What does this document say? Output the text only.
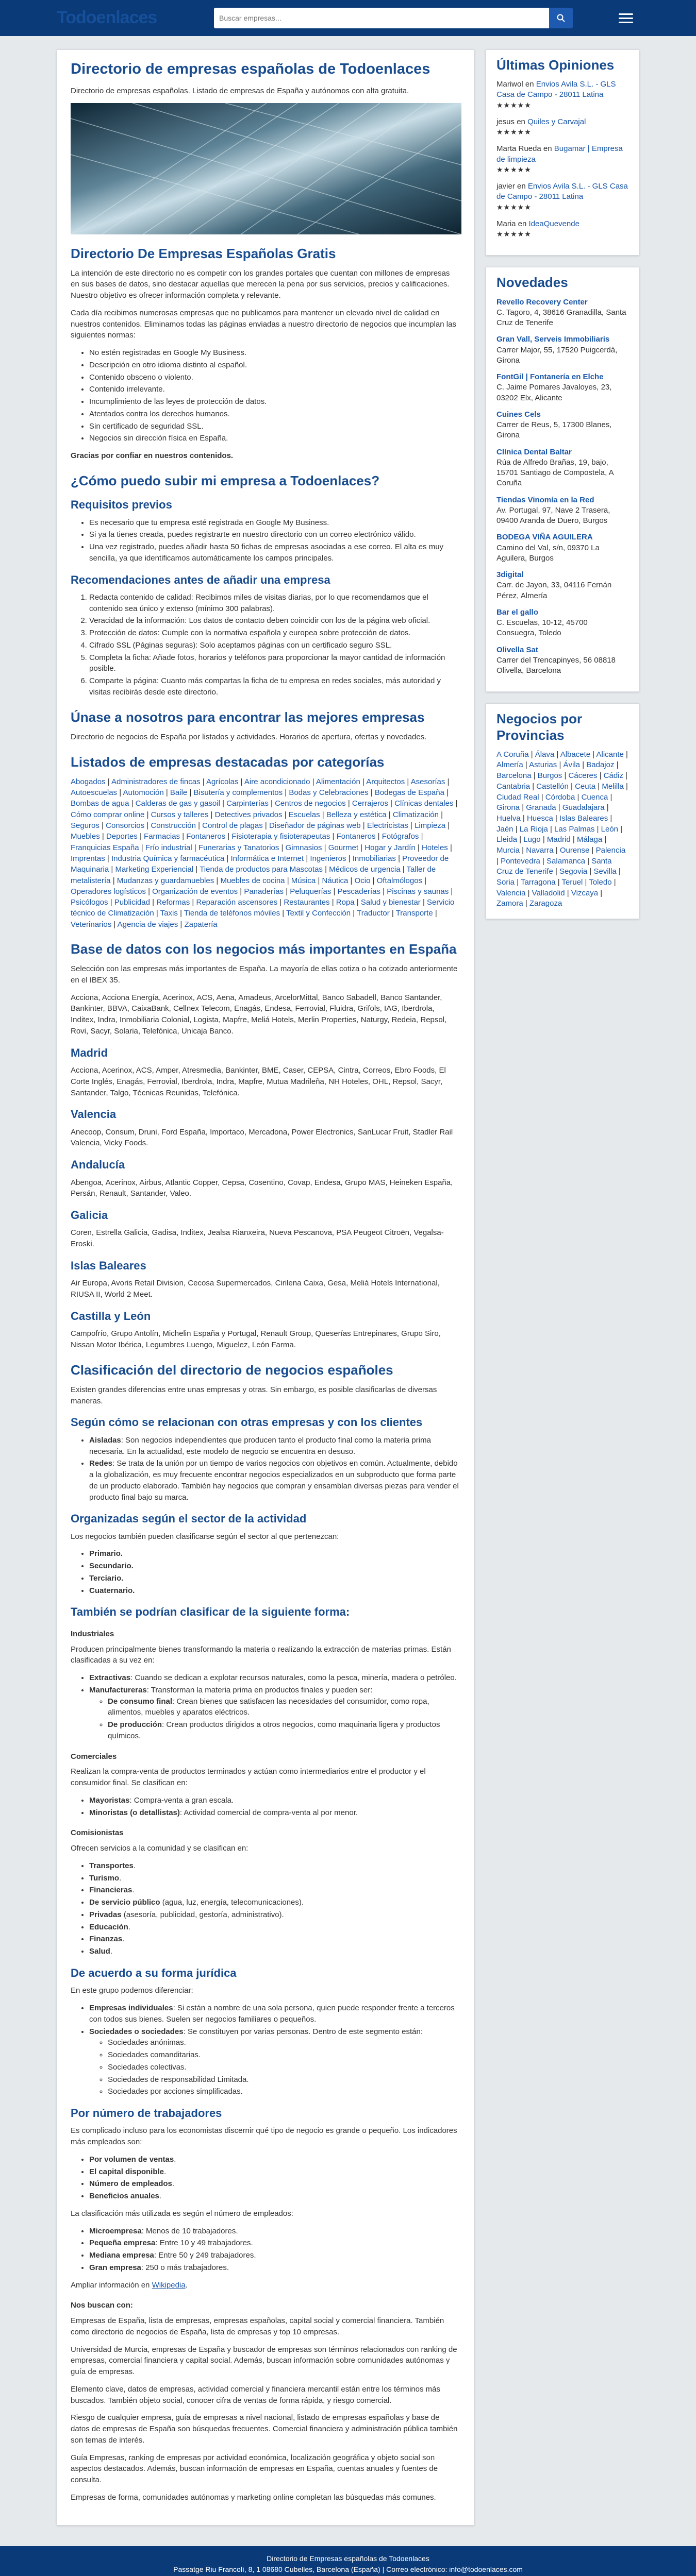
Todoenlaces
Buscar empresas...
Directorio de empresas españolas de Todoenlaces

Directorio de empresas españolas. Listado de empresas de España y autónomos con alta gratuita.

Directorio De Empresas Españolas Gratis

La intención de este directorio no es competir con los grandes portales que cuentan con millones de empresas en sus bases de datos, sino destacar aquellas que merecen la pena por sus servicios, precios y calificaciones. Nuestro objetivo es ofrecer información completa y relevante.

Cada día recibimos numerosas empresas que no publicamos para mantener un elevado nivel de calidad en nuestros contenidos. Eliminamos todas las páginas enviadas a nuestro directorio de negocios que incumplan las siguientes normas:

• No estén registradas en Google My Business.
• Descripción en otro idioma distinto al español.
• Contenido obsceno o violento.
• Contenido irrelevante.
• Incumplimiento de las leyes de protección de datos.
• Atentados contra los derechos humanos.
• Sin certificado de seguridad SSL.
• Negocios sin dirección física en España.

Gracias por confiar en nuestros contenidos.

¿Cómo puedo subir mi empresa a Todoenlaces?
Requisitos previos
• Es necesario que tu empresa esté registrada en Google My Business.
• Si ya la tienes creada, puedes registrarte en nuestro directorio con un correo electrónico válido.
• Una vez registrado, puedes añadir hasta 50 fichas de empresas asociadas a ese correo. El alta es muy sencilla, ya que identificamos automáticamente los campos principales.
Recomendaciones antes de añadir una empresa
1. Redacta contenido de calidad: Recibimos miles de visitas diarias, por lo que recomendamos que el contenido sea único y extenso (mínimo 300 palabras).
2. Veracidad de la información: Los datos de contacto deben coincidir con los de la página web oficial.
3. Protección de datos: Cumple con la normativa española y europea sobre protección de datos.
4. Cifrado SSL (Páginas seguras): Solo aceptamos páginas con un certificado seguro SSL.
5. Completa la ficha: Añade fotos, horarios y teléfonos para proporcionar la mayor cantidad de información posible.
6. Comparte la página: Cuanto más compartas la ficha de tu empresa en redes sociales, más autoridad y visitas recibirás desde este directorio.
Únase a nosotros para encontrar las mejores empresas

Directorio de negocios de España por listados y actividades. Horarios de apertura, ofertas y novedades.

Listados de empresas destacadas por categorías
Abogados | Administradores de fincas | Agrícolas | Aire acondicionado | Alimentación | Arquitectos | Asesorías | Autoescuelas | Automoción | Baile | Bisutería y complementos | Bodas y Celebraciones | Bodegas de España | Bombas de agua | Calderas de gas y gasoil | Carpinterías | Centros de negocios | Cerrajeros | Clínicas dentales | Cómo comprar online | Cursos y talleres | Detectives privados | Escuelas | Belleza y estética | Climatización | Seguros | Consorcios | Construcción | Control de plagas | Diseñador de páginas web | Electricistas | Limpieza | Muebles | Deportes | Farmacias | Fontaneros | Fisioterapia y fisioterapeutas | Fontaneros | Fotógrafos | Franquicias España | Frío industrial | Funerarias y Tanatorios | Gimnasios | Gourmet | Hogar y Jardín | Hoteles | Imprentas | Industria Química y farmacéutica | Informática e Internet | Ingenieros | Inmobiliarias | Proveedor de Maquinaria | Marketing Experiencial | Tienda de productos para Mascotas | Médicos de urgencia | Taller de metalistería | Mudanzas y guardamuebles | Muebles de cocina | Música | Náutica | Ocio | Oftalmólogos | Operadores logísticos | Organización de eventos | Panaderías | Peluquerías | Pescaderías | Piscinas y saunas | Psicólogos | Publicidad | Reformas | Reparación ascensores | Restaurantes | Ropa | Salud y bienestar | Servicio técnico de Climatización | Taxis | Tienda de teléfonos móviles | Textil y Confección | Traductor | Transporte | Veterinarios | Agencia de viajes | Zapatería
Base de datos con los negocios más importantes en España

Selección con las empresas más importantes de España. La mayoría de ellas cotiza o ha cotizado anteriormente en el IBEX 35.

Acciona, Acciona Energía, Acerinox, ACS, Aena, Amadeus, ArcelorMittal, Banco Sabadell, Banco Santander, Bankinter, BBVA, CaixaBank, Cellnex Telecom, Enagás, Endesa, Ferrovial, Fluidra, Grifols, IAG, Iberdrola, Inditex, Indra, Inmobiliaria Colonial, Logista, Mapfre, Meliá Hotels, Merlin Properties, Naturgy, Redeia, Repsol, Rovi, Sacyr, Solaria, Telefónica, Unicaja Banco.

Madrid

Acciona, Acerinox, ACS, Amper, Atresmedia, Bankinter, BME, Caser, CEPSA, Cintra, Correos, Ebro Foods, El Corte Inglés, Enagás, Ferrovial, Iberdrola, Indra, Mapfre, Mutua Madrileña, NH Hoteles, OHL, Repsol, Sacyr, Santander, Talgo, Técnicas Reunidas, Telefónica.

Valencia

Anecoop, Consum, Druni, Ford España, Importaco, Mercadona, Power Electronics, SanLucar Fruit, Stadler Rail Valencia, Vicky Foods.

Andalucía

Abengoa, Acerinox, Airbus, Atlantic Copper, Cepsa, Cosentino, Covap, Endesa, Grupo MAS, Heineken España, Persán, Renault, Santander, Valeo.

Galicia

Coren, Estrella Galicia, Gadisa, Inditex, Jealsa Rianxeira, Nueva Pescanova, PSA Peugeot Citroën, Vegalsa-Eroski.

Islas Baleares

Air Europa, Avoris Retail Division, Cecosa Supermercados, Cirilena Caixa, Gesa, Meliá Hotels International, RIUSA II, World 2 Meet.

Castilla y León

Campofrío, Grupo Antolín, Michelin España y Portugal, Renault Group, Queserías Entrepinares, Grupo Siro, Nissan Motor Ibérica, Legumbres Luengo, Miguelez, León Farma.

Clasificación del directorio de negocios españoles

Existen grandes diferencias entre unas empresas y otras. Sin embargo, es posible clasificarlas de diversas maneras.

Según cómo se relacionan con otras empresas y con los clientes
• Aisladas: Son negocios independientes que producen tanto el producto final como la materia prima necesaria. En la actualidad, este modelo de negocio se encuentra en desuso.
• Redes: Se trata de la unión por un tiempo de varios negocios con objetivos en común. Actualmente, debido a la globalización, es muy frecuente encontrar negocios especializados en un subproducto que forma parte de un producto elaborado. También hay negocios que compran y ensamblan diversas piezas para vender el producto final bajo su marca.
Organizadas según el sector de la actividad

Los negocios también pueden clasificarse según el sector al que pertenezcan:

• Primario.
• Secundario.
• Terciario.
• Cuaternario.
También se podrían clasificar de la siguiente forma:
Industriales

Producen principalmente bienes transformando la materia o realizando la extracción de materias primas. Están clasificadas a su vez en:

• Extractivas: Cuando se dedican a explotar recursos naturales, como la pesca, minería, madera o petróleo.
• Manufactureras: Transforman la materia prima en productos finales y pueden ser:
◦ De consumo final: Crean bienes que satisfacen las necesidades del consumidor, como ropa, alimentos, muebles y aparatos eléctricos.
◦ De producción: Crean productos dirigidos a otros negocios, como maquinaria ligera y productos químicos.
Comerciales

Realizan la compra-venta de productos terminados y actúan como intermediarios entre el productor y el consumidor final. Se clasifican en:

• Mayoristas: Compra-venta a gran escala.
• Minoristas (o detallistas): Actividad comercial de compra-venta al por menor.
Comisionistas

Ofrecen servicios a la comunidad y se clasifican en:

• Transportes.
• Turismo.
• Financieras.
• De servicio público (agua, luz, energía, telecomunicaciones).
• Privadas (asesoría, publicidad, gestoría, administrativo).
• Educación.
• Finanzas.
• Salud.
De acuerdo a su forma jurídica

En este grupo podemos diferenciar:

• Empresas individuales: Si están a nombre de una sola persona, quien puede responder frente a terceros con todos sus bienes. Suelen ser negocios familiares o pequeños.
• Sociedades o sociedades: Se constituyen por varias personas. Dentro de este segmento están:
◦ Sociedades anónimas.
◦ Sociedades comanditarias.
◦ Sociedades colectivas.
◦ Sociedades de responsabilidad Limitada.
◦ Sociedades por acciones simplificadas.
Por número de trabajadores

Es complicado incluso para los economistas discernir qué tipo de negocio es grande o pequeño. Los indicadores más empleados son:

• Por volumen de ventas.
• El capital disponible.
• Número de empleados.
• Beneficios anuales.

La clasificación más utilizada es según el número de empleados:

• Microempresa: Menos de 10 trabajadores.
• Pequeña empresa: Entre 10 y 49 trabajadores.
• Mediana empresa: Entre 50 y 249 trabajadores.
• Gran empresa: 250 o más trabajadores.

Ampliar información en Wikipedia.

Nos buscan con:

Empresas de España, lista de empresas, empresas españolas, capital social y comercial financiera. También como directorio de negocios de España, lista de empresas y top 10 empresas.

Universidad de Murcia, empresas de España y buscador de empresas son términos relacionados con ranking de empresas, comercial financiera y capital social. Además, buscan información sobre comunidades autónomas y guía de empresas.

Elemento clave, datos de empresas, actividad comercial y financiera mercantil están entre los términos más buscados. También objeto social, conocer cifra de ventas de forma rápida, y riesgo comercial.

Riesgo de cualquier empresa, guía de empresas a nivel nacional, listado de empresas españolas y base de datos de empresas de España son búsquedas frecuentes. Comercial financiera y administración pública también son temas de interés.

Guía Empresas, ranking de empresas por actividad económica, localización geográfica y objeto social son aspectos destacados. Además, buscan información de empresas en España, cuentas anuales y fuentes de consulta.

Empresas de forma, comunidades autónomas y marketing online completan las búsquedas más comunes.

Últimas Opiniones
Mariwol en Envios Avila S.L. - GLS Casa de Campo - 28011 Latina
★★★★★
jesus en Quiles y Carvajal
★★★★★
Marta Rueda en Bugamar | Empresa de limpieza
★★★★★
javier en Envios Avila S.L. - GLS Casa de Campo - 28011 Latina
★★★★★
Maria en IdeaQuevende
★★★★★
Novedades
Revello Recovery Center
C. Tagoro, 4, 38616 Granadilla, Santa Cruz de Tenerife
Gran Vall, Serveis Immobiliaris
Carrer Major, 55, 17520 Puigcerdà, Girona
FontGil | Fontanería en Elche
C. Jaime Pomares Javaloyes, 23, 03202 Elx, Alicante
Cuines Cels
Carrer de Reus, 5, 17300 Blanes, Girona
Clínica Dental Baltar
Rúa de Alfredo Brañas, 19, bajo, 15701 Santiago de Compostela, A Coruña
Tiendas Vinomía en la Red
Av. Portugal, 97, Nave 2 Trasera, 09400 Aranda de Duero, Burgos
BODEGA VIÑA AGUILERA
Camino del Val, s/n, 09370 La Aguilera, Burgos
3digital
Carr. de Jayon, 33, 04116 Fernán Pérez, Almería
Bar el gallo
C. Escuelas, 10-12, 45700 Consuegra, Toledo
Olivella Sat
Carrer del Trencapinyes, 56 08818 Olivella, Barcelona
Negocios por Provincias
A Coruña | Álava | Albacete | Alicante | Almería | Asturias | Ávila | Badajoz | Barcelona | Burgos | Cáceres | Cádiz | Cantabria | Castellón | Ceuta | Melilla | Ciudad Real | Córdoba | Cuenca | Girona | Granada | Guadalajara | Huelva | Huesca | Islas Baleares | Jaén | La Rioja | Las Palmas | León | Lleida | Lugo | Madrid | Málaga | Murcia | Navarra | Ourense | Palencia | Pontevedra | Salamanca | Santa Cruz de Tenerife | Segovia | Sevilla | Soria | Tarragona | Teruel | Toledo | Valencia | Valladolid | Vizcaya | Zamora | Zaragoza
Directorio de Empresas españolas de Todoenlaces
Passatge Riu Francolí, 8, 1 08680 Cubelles, Barcelona (España) | Correo electrónico: info@todoenlaces.com
